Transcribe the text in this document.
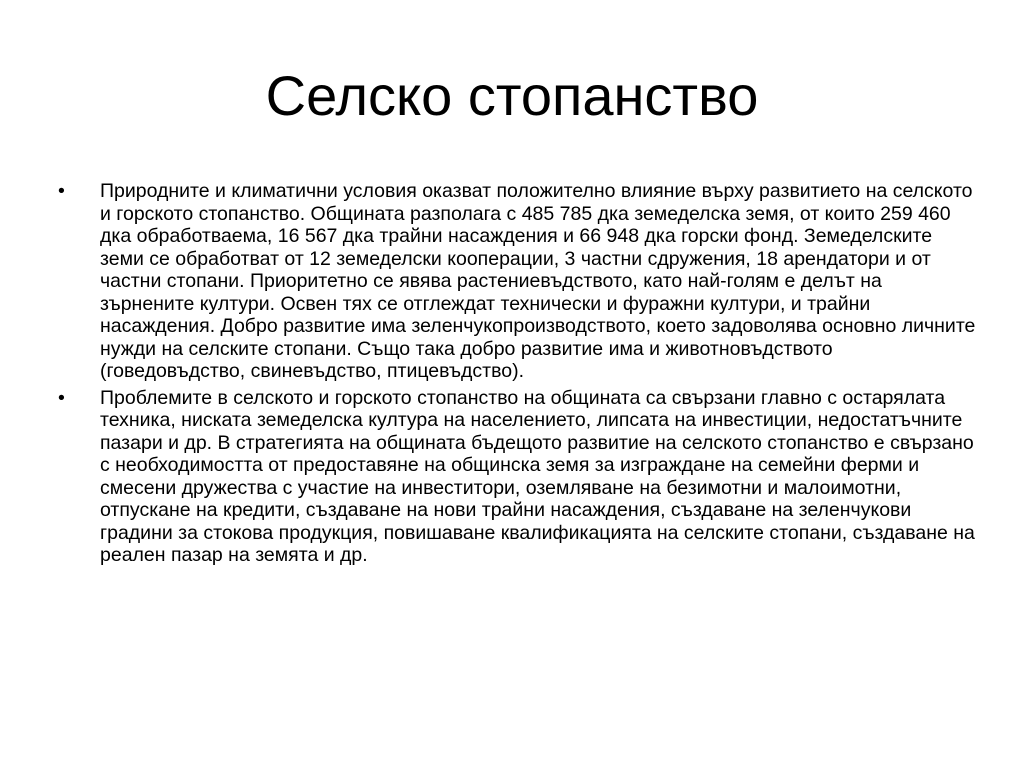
Селско стопанство
•	Природните и климатични условия оказват положително влияние върху развитието на селското и горското стопанство. Общината разполага с 485 785 дка земеделска земя, от които 259 460 дка обработваема, 16 567 дка трайни насаждения и 66 948 дка горски фонд. Земеделските земи се обработват от 12 земеделски кооперации, 3 частни сдружения, 18 арендатори и от частни стопани. Приоритетно се явява растениевъдството, като най-голям е делът на зърнените култури. Освен тях се отглеждат технически и фуражни култури, и трайни насаждения. Добро развитие има зеленчукопроизводството, което задоволява основно личните нужди на селските стопани. Също така добро развитие има и животновъдството (говедовъдство, свиневъдство, птицевъдство).
•	Проблемите в селското и горското стопанство на общината са свързани главно с остарялата техника, ниската земеделска култура на населението, липсата на инвестиции, недостатъчните пазари и др. В стратегията на общината бъдещото развитие на селското стопанство е свързано с необходимостта от предоставяне на общинска земя за изграждане на семейни ферми и смесени дружества с участие на инвеститори, оземляване на безимотни и малоимотни, отпускане на кредити, създаване на нови трайни насаждения, създаване на зеленчукови градини за стокова продукция, повишаване квалификацията на селските стопани, създаване на реален пазар на земята и др.
